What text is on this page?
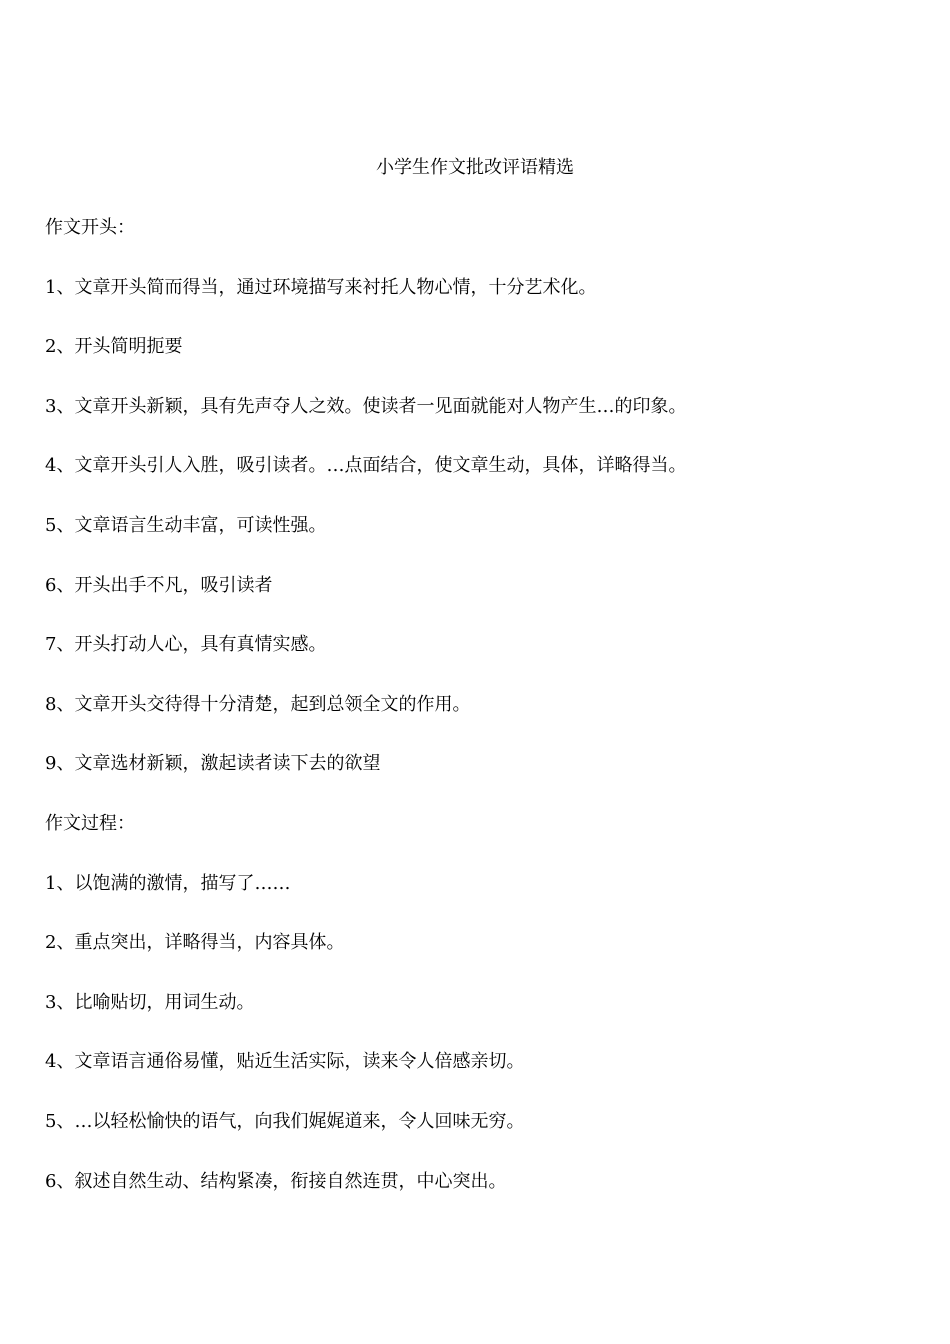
小学生作文批改评语精选
作文开头：
1、文章开头简而得当，通过环境描写来衬托人物心情，十分艺术化。
2、开头简明扼要
3、文章开头新颖，具有先声夺人之效。使读者一见面就能对人物产生…的印象。
4、文章开头引人入胜，吸引读者。…点面结合，使文章生动，具体，详略得当。
5、文章语言生动丰富，可读性强。
6、开头出手不凡，吸引读者
7、开头打动人心，具有真情实感。
8、文章开头交待得十分清楚，起到总领全文的作用。
9、文章选材新颖，激起读者读下去的欲望
作文过程：
1、以饱满的激情，描写了……
2、重点突出，详略得当，内容具体。
3、比喻贴切，用词生动。
4、文章语言通俗易懂，贴近生活实际，读来令人倍感亲切。
5、…以轻松愉快的语气，向我们娓娓道来，令人回味无穷。
6、叙述自然生动、结构紧凑，衔接自然连贯，中心突出。
